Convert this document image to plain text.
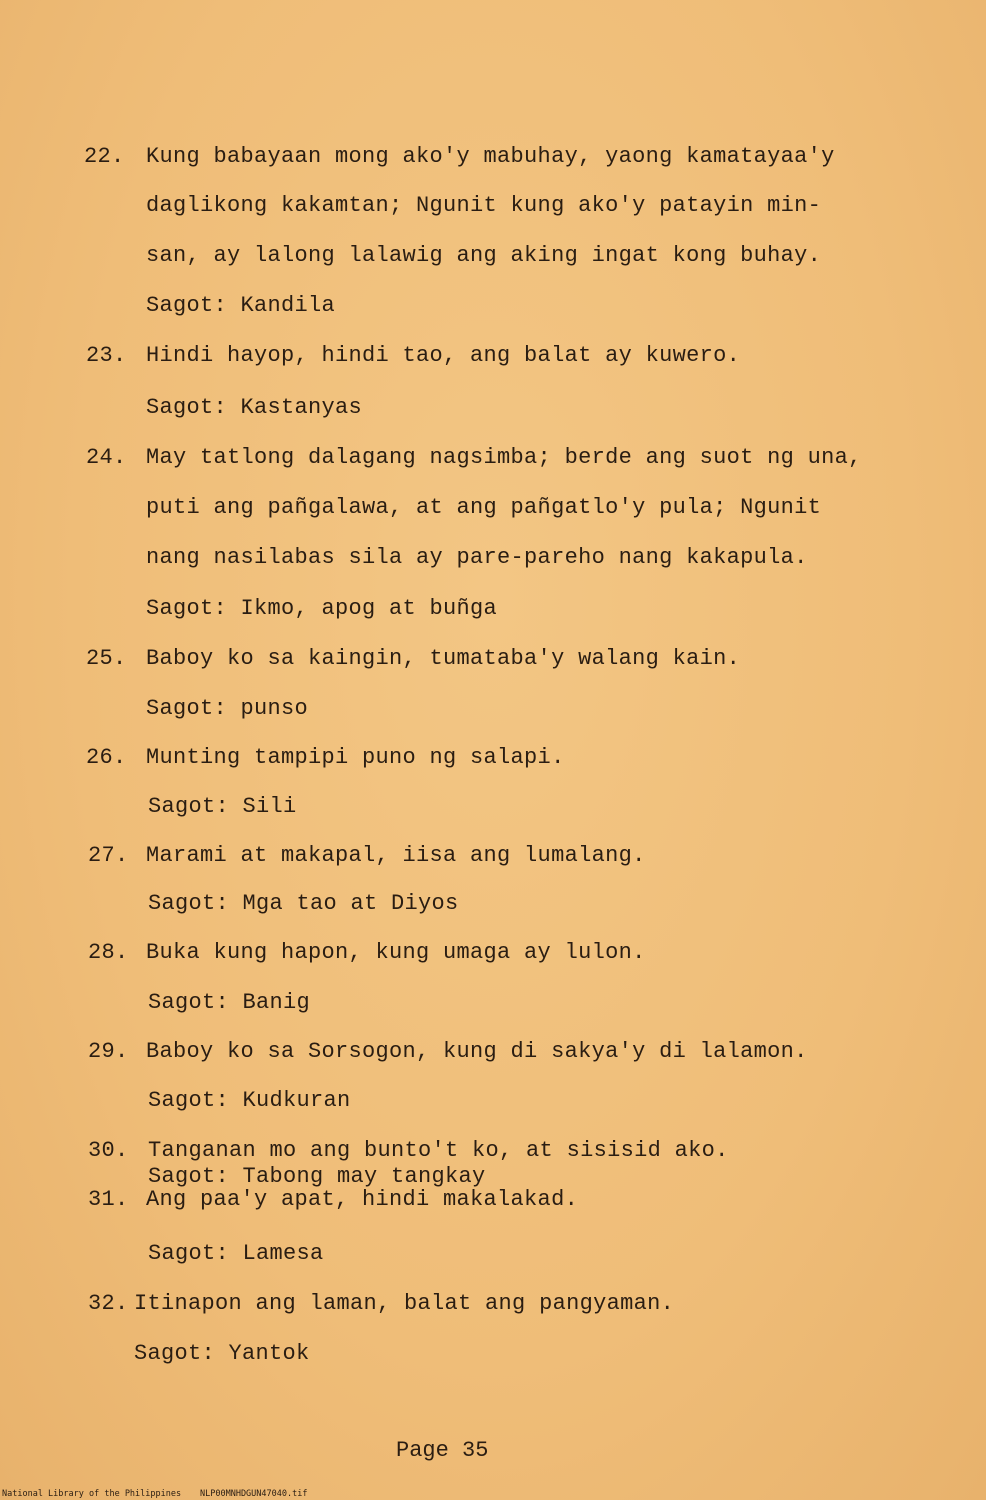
22. Kung babayaan mong ako'y mabuhay, yaong kamatayaa'y
daglikong kakamtan; Ngunit kung ako'y patayin min-
san, ay lalong lalawig ang aking ingat kong buhay.
Sagot: Kandila
23. Hindi hayop, hindi tao, ang balat ay kuwero.
Sagot: Kastanyas
24. May tatlong dalagang nagsimba; berde ang suot ng una,
puti ang pañgalawa, at ang pañgatlo'y pula; Ngunit
nang nasilabas sila ay pare-pareho nang kakapula.
Sagot: Ikmo, apog at buñga
25. Baboy ko sa kaingin, tumataba'y walang kain.
Sagot: punso
26. Munting tampipi puno ng salapi.
Sagot: Sili
27. Marami at makapal, iisa ang lumalang.
Sagot: Mga tao at Diyos
28. Buka kung hapon, kung umaga ay lulon.
Sagot: Banig
29. Baboy ko sa Sorsogon, kung di sakya'y di lalamon.
Sagot: Kudkuran
30. Tanganan mo ang bunto't ko, at sisisid ako.
Sagot: Tabong may tangkay
31. Ang paa'y apat, hindi makalakad.
Sagot: Lamesa
32. Itinapon ang laman, balat ang pangyaman.
Sagot: Yantok
Page 35
National Library of the Philippines NLP00MNHDGUN47040.tif
